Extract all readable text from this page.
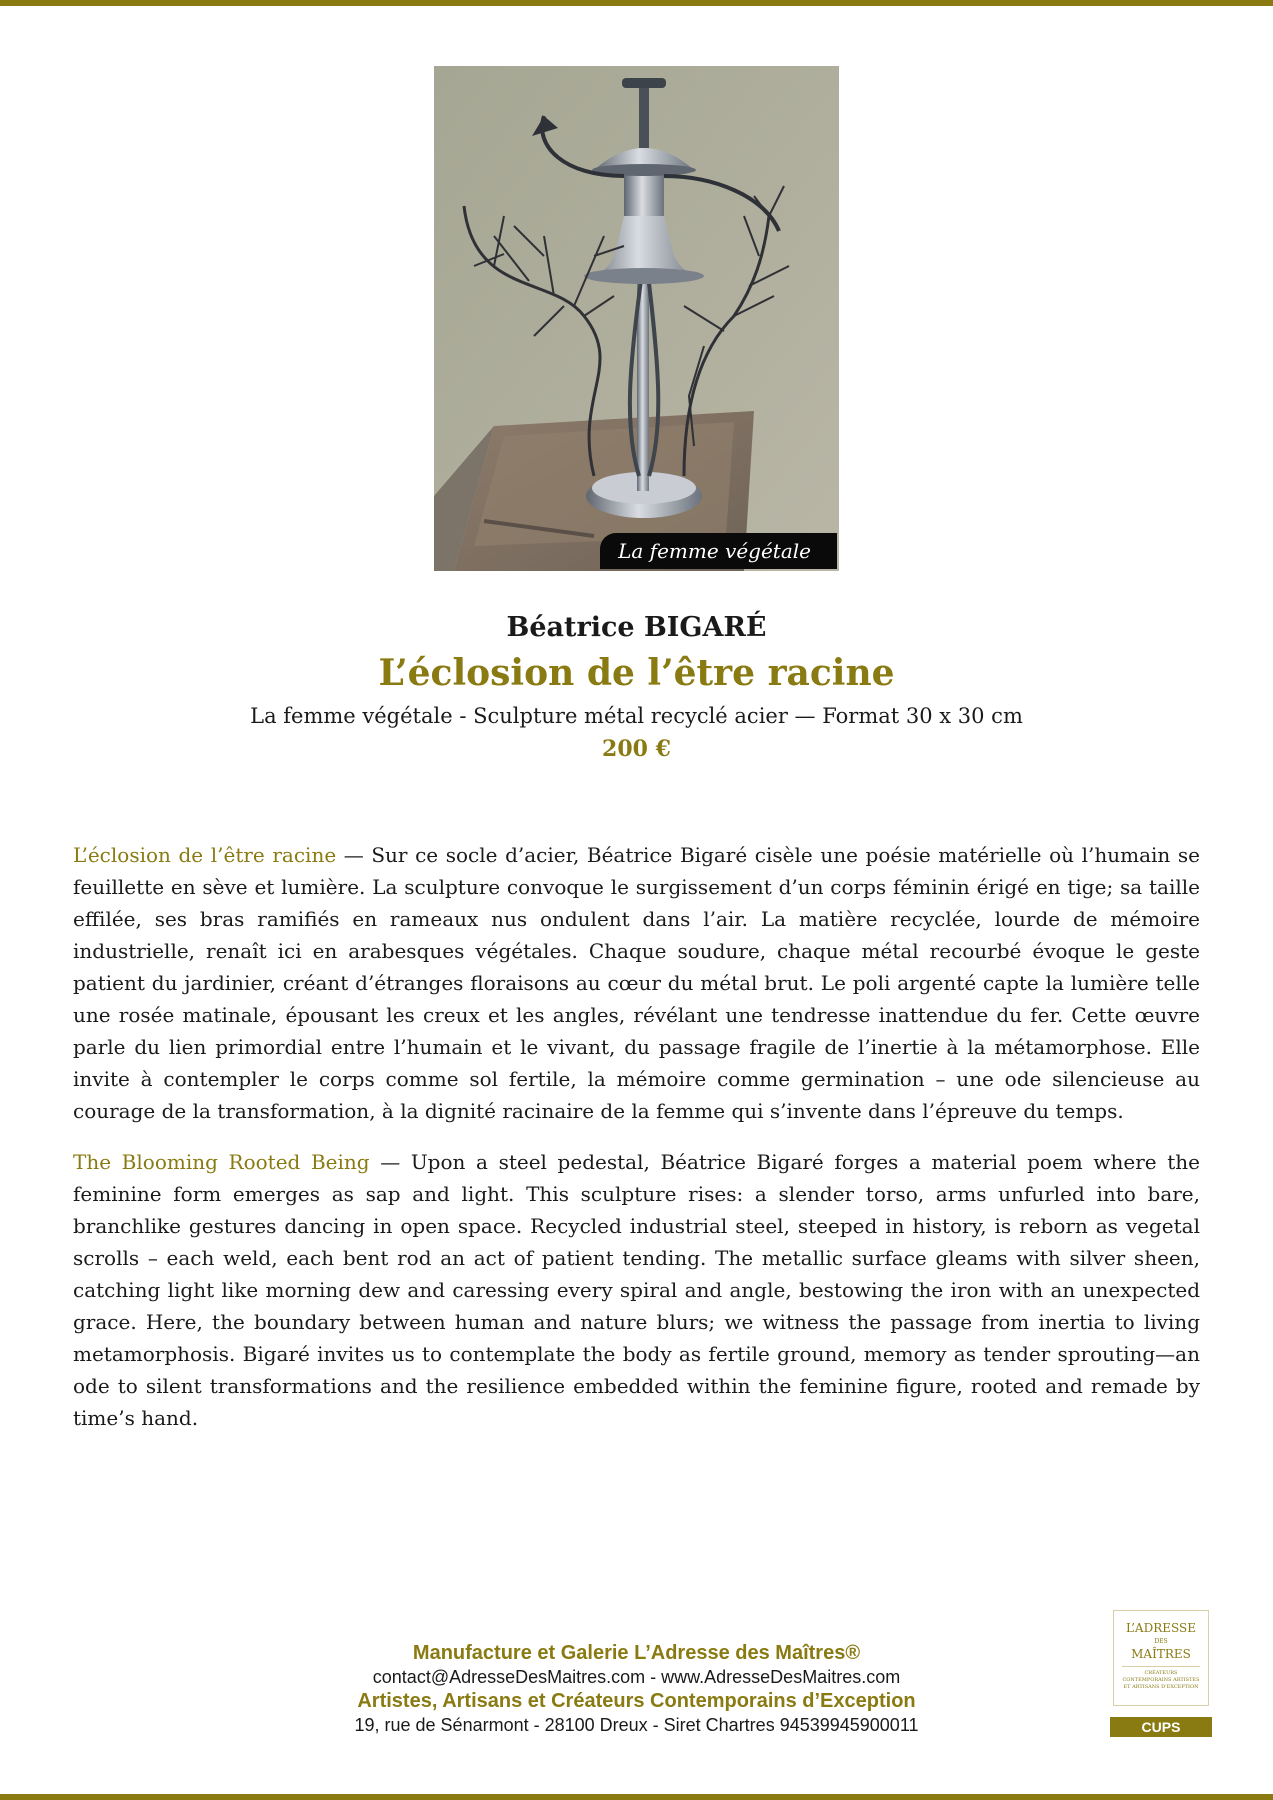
La femme végétale
Béatrice BIGARÉ
L’éclosion de l’être racine
La femme végétale - Sculpture métal recyclé acier — Format 30 x 30 cm
200 €

L’éclosion de l’être racine — Sur ce socle d’acier, Béatrice Bigaré cisèle une poésie matérielle où l’humain se feuillette en sève et lumière. La sculpture convoque le surgissement d’un corps féminin érigé en tige; sa taille effilée, ses bras ramifiés en rameaux nus ondulent dans l’air. La matière recyclée, lourde de mémoire industrielle, renaît ici en arabesques végétales. Chaque soudure, chaque métal recourbé évoque le geste patient du jardinier, créant d’étranges floraisons au cœur du métal brut. Le poli argenté capte la lumière telle une rosée matinale, épousant les creux et les angles, révélant une tendresse inattendue du fer. Cette œuvre parle du lien primordial entre l’humain et le vivant, du passage fragile de l’inertie à la métamorphose. Elle invite à contempler le corps comme sol fertile, la mémoire comme germination – une ode silencieuse au courage de la transformation, à la dignité racinaire de la femme qui s’invente dans l’épreuve du temps.

The Blooming Rooted Being — Upon a steel pedestal, Béatrice Bigaré forges a material poem where the feminine form emerges as sap and light. This sculpture rises: a slender torso, arms unfurled into bare, branchlike gestures dancing in open space. Recycled industrial steel, steeped in history, is reborn as vegetal scrolls – each weld, each bent rod an act of patient tending. The metallic surface gleams with silver sheen, catching light like morning dew and caressing every spiral and angle, bestowing the iron with an unexpected grace. Here, the boundary between human and nature blurs; we witness the passage from inertia to living metamorphosis. Bigaré invites us to contemplate the body as fertile ground, memory as tender sprouting—an ode to silent transformations and the resilience embedded within the feminine figure, rooted and remade by time’s hand.

Manufacture et Galerie L’Adresse des Maîtres®
contact@AdresseDesMaitres.com - www.AdresseDesMaitres.com
Artistes, Artisans et Créateurs Contemporains d’Exception
19, rue de Sénarmont - 28100 Dreux - Siret Chartres 94539945900011
L’ADRESSE
DES
MAÎTRES
CRÉATEURS CONTEMPORAINS ARTISTES ET ARTISANS D’EXCEPTION
CUPS
